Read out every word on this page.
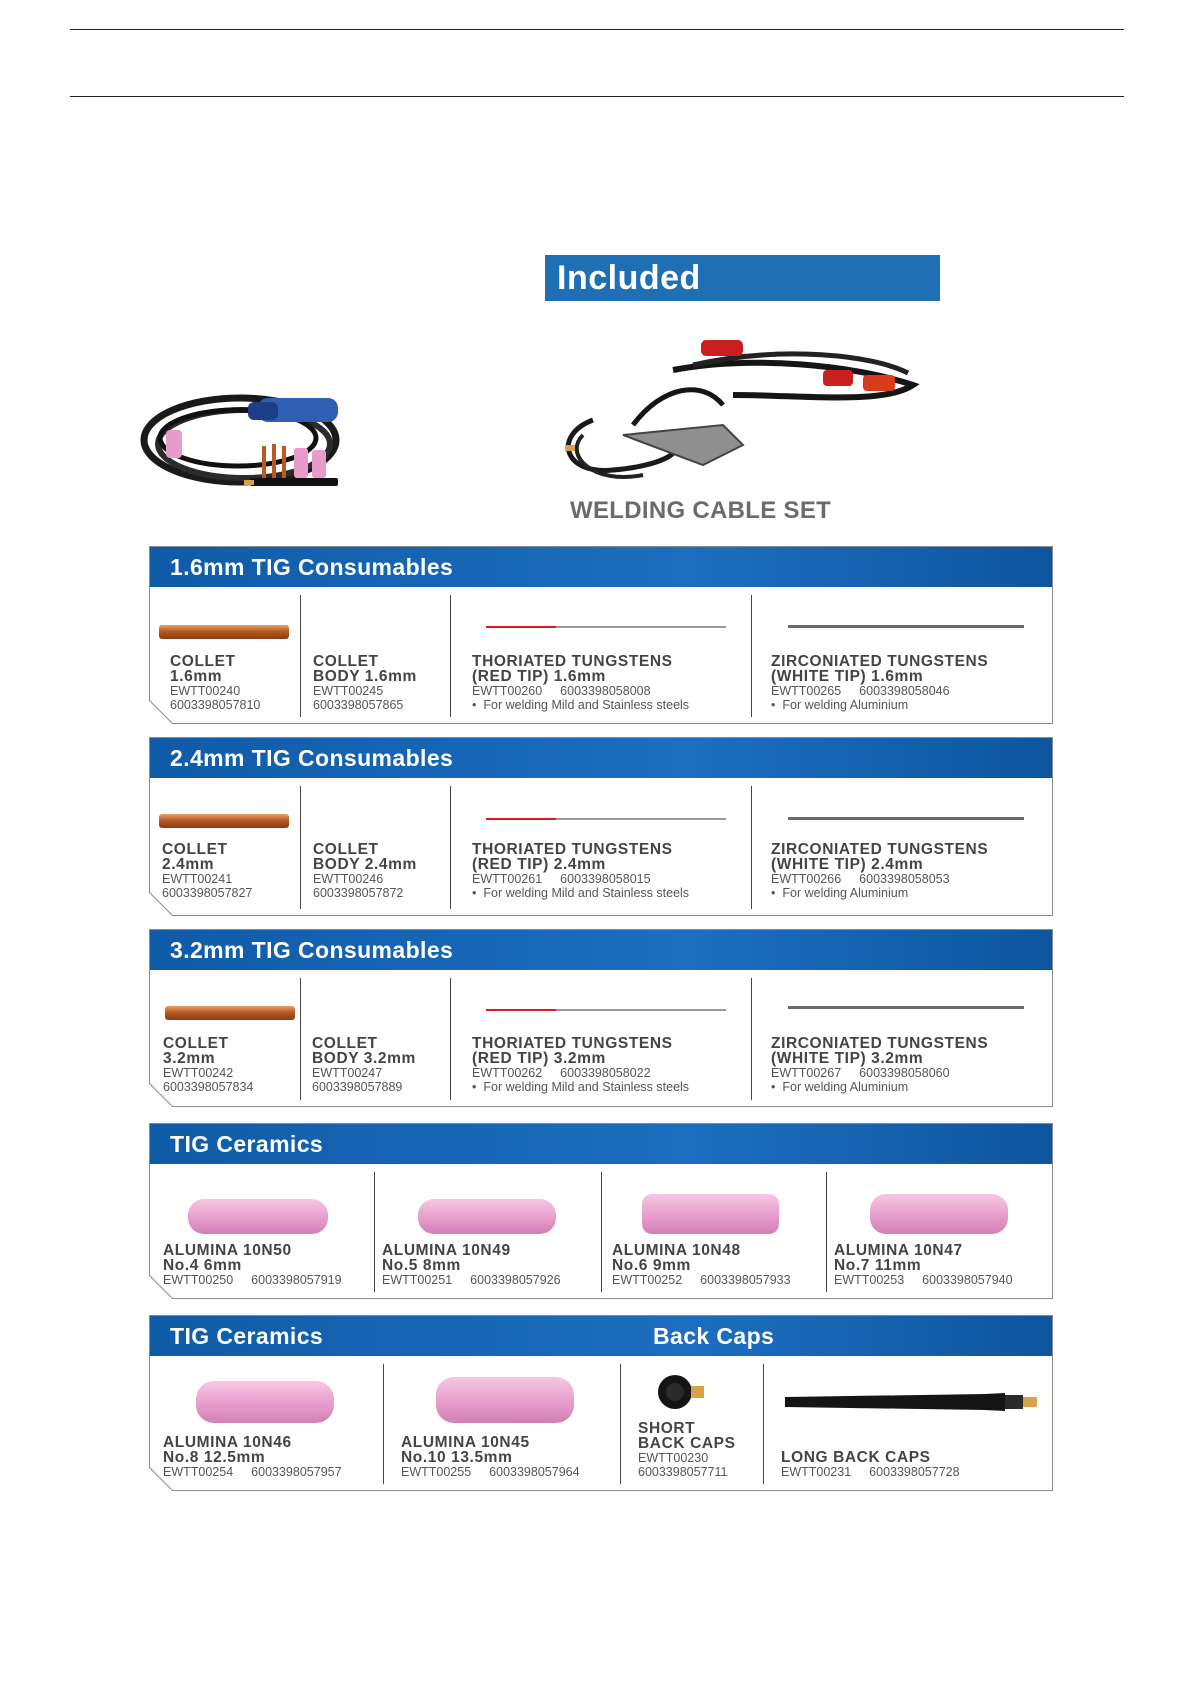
Included
WELDING CABLE SET
1.6mm TIG Consumables
COLLET
1.6mm
EWTT00240
6003398057810
COLLET
BODY 1.6mm
EWTT00245
6003398057865
THORIATED TUNGSTENS
(RED TIP) 1.6mm
EWTT00260 6003398058008
• For welding Mild and Stainless steels
ZIRCONIATED TUNGSTENS
(WHITE TIP) 1.6mm
EWTT00265 6003398058046
• For welding Aluminium
2.4mm TIG Consumables
COLLET
2.4mm
EWTT00241
6003398057827
COLLET
BODY 2.4mm
EWTT00246
6003398057872
THORIATED TUNGSTENS
(RED TIP) 2.4mm
EWTT00261 6003398058015
• For welding Mild and Stainless steels
ZIRCONIATED TUNGSTENS
(WHITE TIP) 2.4mm
EWTT00266 6003398058053
• For welding Aluminium
3.2mm TIG Consumables
COLLET
3.2mm
EWTT00242
6003398057834
COLLET
BODY 3.2mm
EWTT00247
6003398057889
THORIATED TUNGSTENS
(RED TIP) 3.2mm
EWTT00262 6003398058022
• For welding Mild and Stainless steels
ZIRCONIATED TUNGSTENS
(WHITE TIP) 3.2mm
EWTT00267 6003398058060
• For welding Aluminium
TIG Ceramics
ALUMINA 10N50
No.4 6mm
EWTT00250 6003398057919
ALUMINA 10N49
No.5 8mm
EWTT00251 6003398057926
ALUMINA 10N48
No.6 9mm
EWTT00252 6003398057933
ALUMINA 10N47
No.7 11mm
EWTT00253 6003398057940
TIG Ceramics	Back Caps
ALUMINA 10N46
No.8 12.5mm
EWTT00254 6003398057957
ALUMINA 10N45
No.10 13.5mm
EWTT00255 6003398057964
SHORT
BACK CAPS
EWTT00230
6003398057711
LONG BACK CAPS
EWTT00231 6003398057728
